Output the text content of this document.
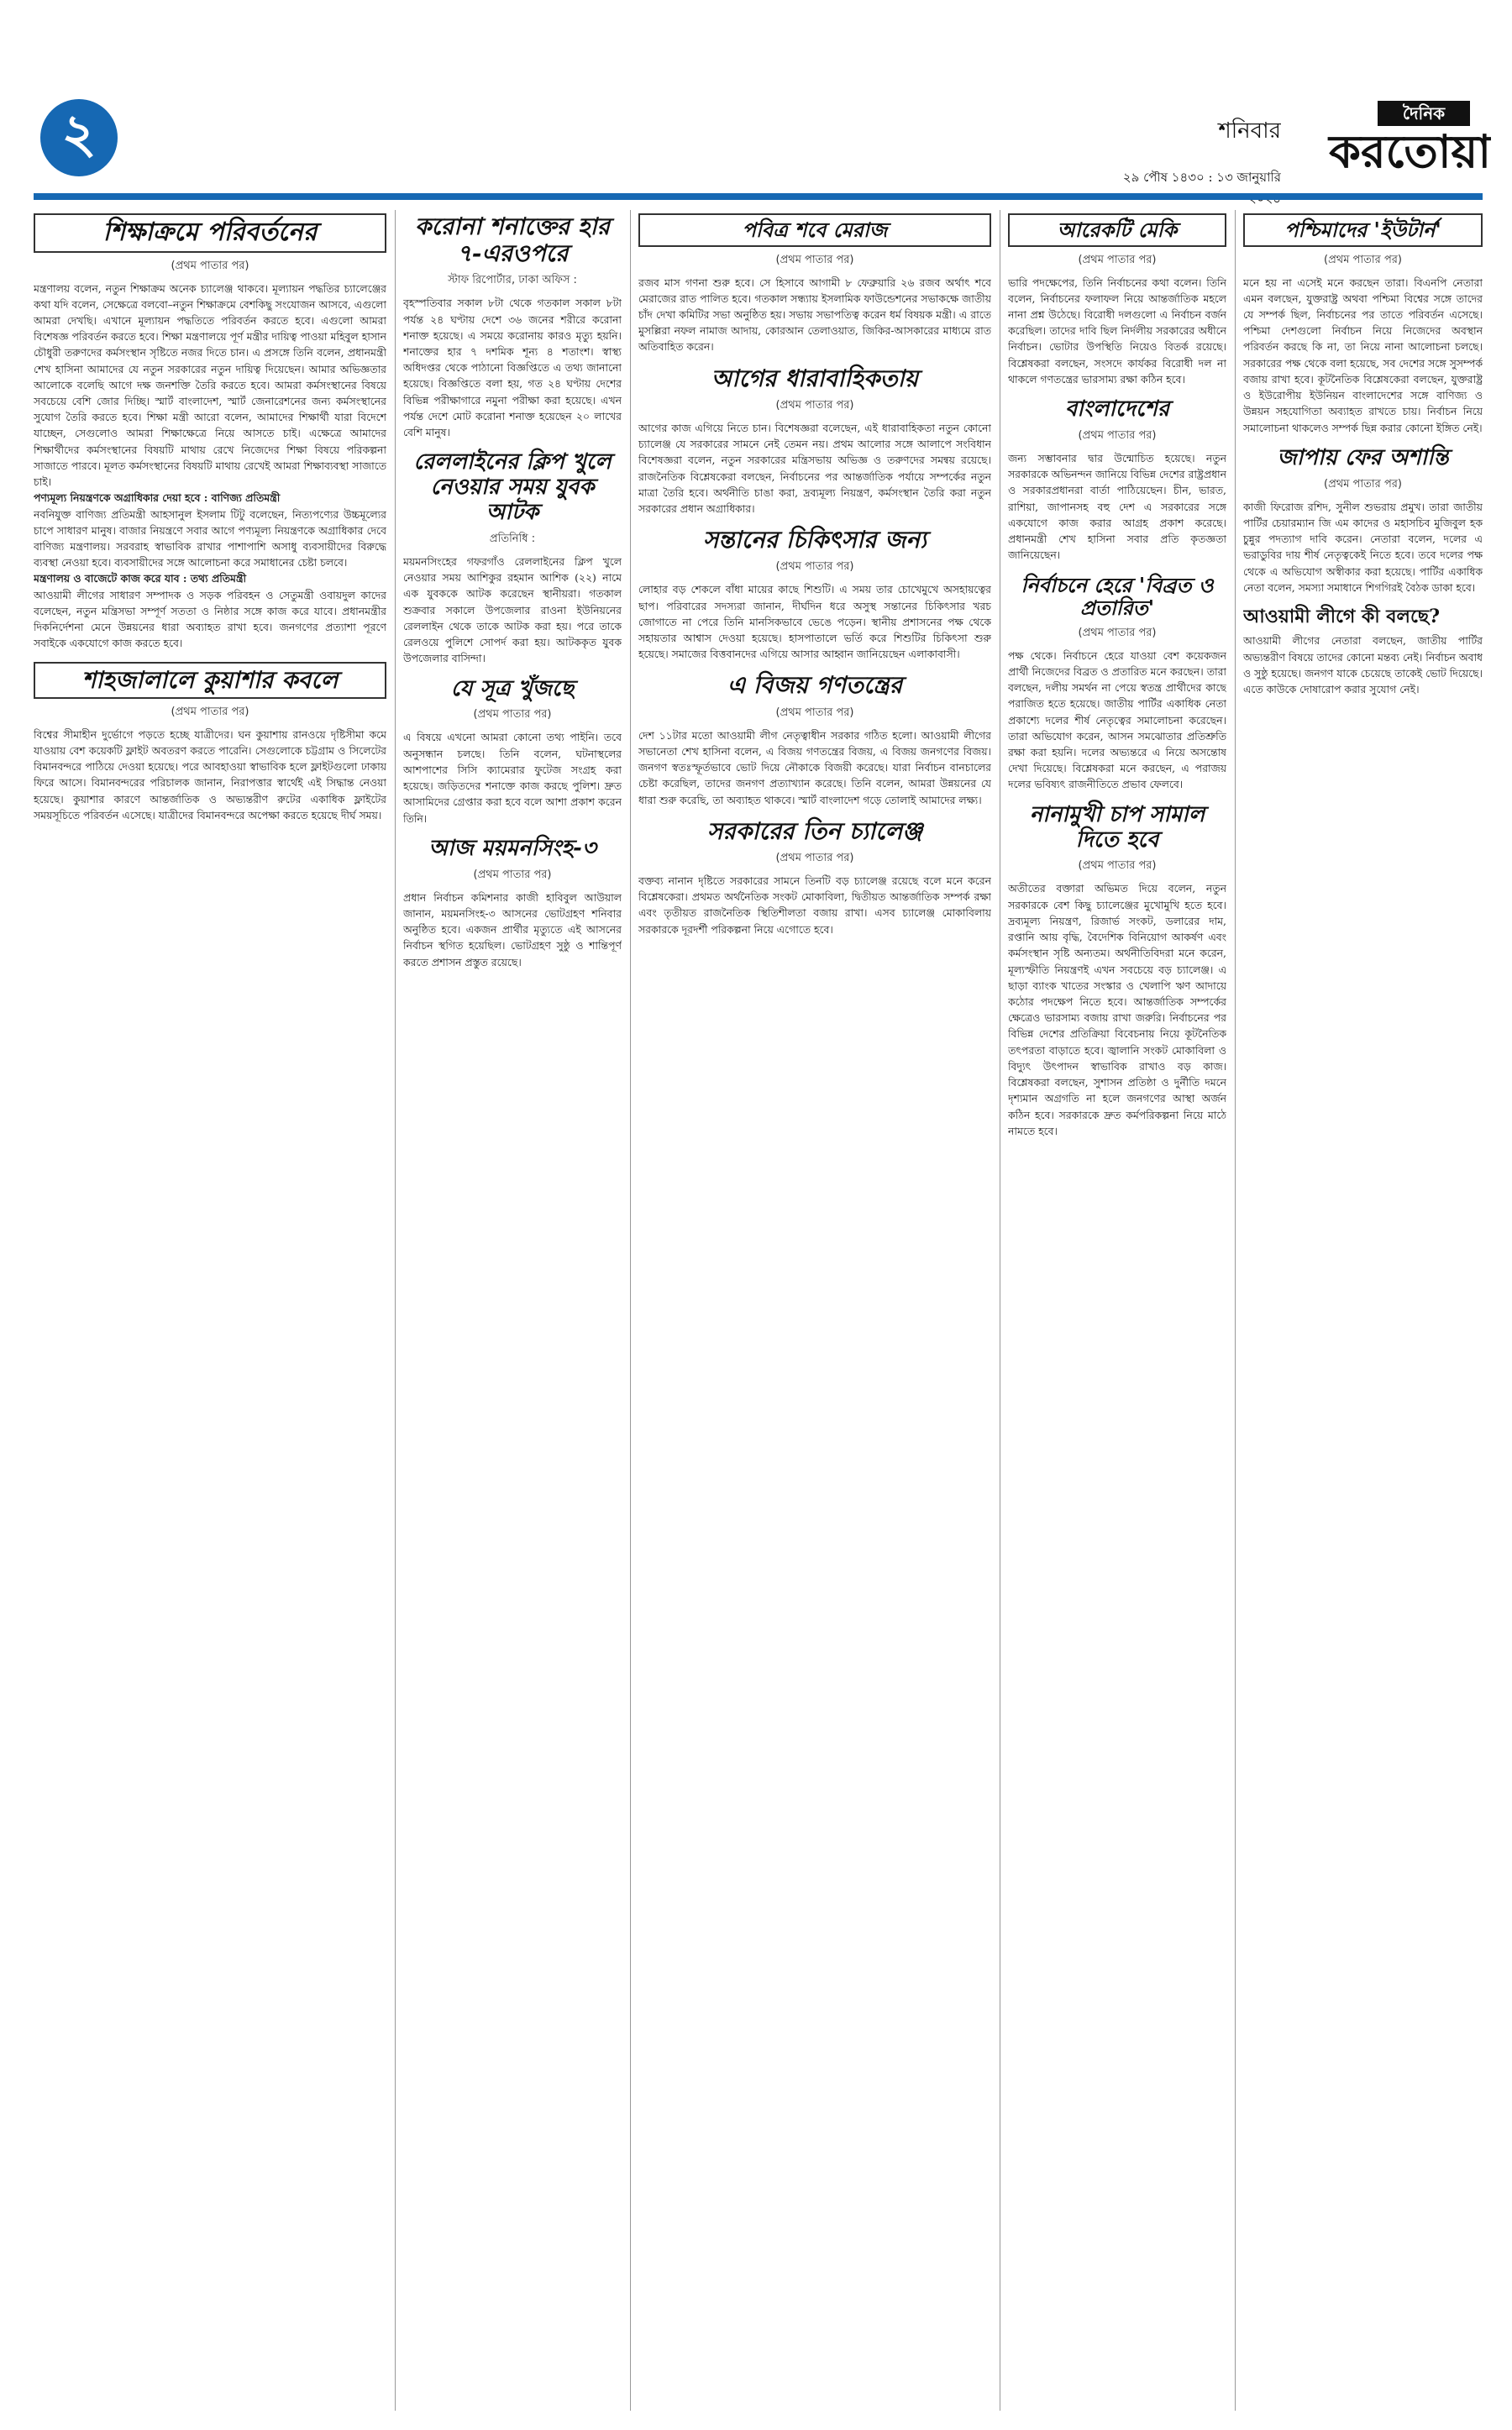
২	শনিবার
২৯ পৌষ ১৪৩০ : ১৩ জানুয়ারি
দৈনিক
করতোয়া
শিক্ষাক্রমে পরিবর্তনের
(প্রথম পাতার পর)
মন্ত্রণালয় বলেন, নতুন শিক্ষাক্রম অনেক চ্যালেঞ্জ থাকবে। মূল্যায়ন পদ্ধতির চ্যালেঞ্জের কথা যদি বলেন, সেক্ষেত্রে বলবো–নতুন শিক্ষাক্রমে বেশকিছু সংযোজন আসবে, এগুলো আমরা দেখছি। এখানে মূল্যায়ন পদ্ধতিতে পরিবর্তন করতে হবে। এগুলো আমরা বিশেষজ্ঞ পরিবর্তন করতে হবে। শিক্ষা মন্ত্রণালয়ে পূর্ণ মন্ত্রীর দায়িত্ব পাওয়া মহিবুল হাসান চৌধুরী তরুণদের কর্মসংস্থান সৃষ্টিতে নজর দিতে চান। এ প্রসঙ্গে তিনি বলেন, প্রধানমন্ত্রী শেখ হাসিনা আমাদের যে নতুন সরকারের নতুন দায়িত্ব দিয়েছেন। আমার অভিজ্ঞতার আলোকে বলেছি আগে দক্ষ জনশক্তি তৈরি করতে হবে। আমরা কর্মসংস্থানের বিষয়ে সবচেয়ে বেশি জোর দিচ্ছি। স্মার্ট বাংলাদেশ, স্মার্ট জেনারেশনের জন্য কর্মসংস্থানের সুযোগ তৈরি করতে হবে। শিক্ষা মন্ত্রী আরো বলেন, আমাদের শিক্ষার্থী যারা বিদেশে যাচ্ছেন, সেগুলোও আমরা শিক্ষাক্ষেত্রে নিয়ে আসতে চাই। এক্ষেত্রে আমাদের শিক্ষার্থীদের কর্মসংস্থানের বিষয়টি মাথায় রেখে নিজেদের শিক্ষা বিষয়ে পরিকল্পনা সাজাতে পারবে। মূলত কর্মসংস্থানের বিষয়টি মাথায় রেখেই আমরা শিক্ষাব্যবস্থা সাজাতে চাই।
পণ্যমূল্য নিয়ন্ত্রণকে অগ্রাধিকার দেয়া হবে : বাণিজ্য প্রতিমন্ত্রী
নবনিযুক্ত বাণিজ্য প্রতিমন্ত্রী আহসানুল ইসলাম টিটু বলেছেন, নিত্যপণ্যের উচ্চমূল্যের চাপে সাধারণ মানুষ। বাজার নিয়ন্ত্রণে সবার আগে পণ্যমূল্য নিয়ন্ত্রণকে অগ্রাধিকার দেবে বাণিজ্য মন্ত্রণালয়। সরবরাহ স্বাভাবিক রাখার পাশাপাশি অসাধু ব্যবসায়ীদের বিরুদ্ধে ব্যবস্থা নেওয়া হবে। ব্যবসায়ীদের সঙ্গে আলোচনা করে সমাধানের চেষ্টা চলবে।
মন্ত্রণালয় ও বাজেটে কাজ করে যাব : তথ্য প্রতিমন্ত্রী
আওয়ামী লীগের সাধারণ সম্পাদক ও সড়ক পরিবহন ও সেতুমন্ত্রী ওবায়দুল কাদের বলেছেন, নতুন মন্ত্রিসভা সম্পূর্ণ সততা ও নিষ্ঠার সঙ্গে কাজ করে যাবে। প্রধানমন্ত্রীর দিকনির্দেশনা মেনে উন্নয়নের ধারা অব্যাহত রাখা হবে। জনগণের প্রত্যাশা পূরণে সবাইকে একযোগে কাজ করতে হবে।
শাহজালালে কুয়াশার কবলে
(প্রথম পাতার পর)
বিশ্বের সীমাহীন দুর্ভোগে পড়তে হচ্ছে যাত্রীদের। ঘন কুয়াশায় রানওয়ে দৃষ্টিসীমা কমে যাওয়ায় বেশ কয়েকটি ফ্লাইট অবতরণ করতে পারেনি। সেগুলোকে চট্টগ্রাম ও সিলেটের বিমানবন্দরে পাঠিয়ে দেওয়া হয়েছে। পরে আবহাওয়া স্বাভাবিক হলে ফ্লাইটগুলো ঢাকায় ফিরে আসে। বিমানবন্দরের পরিচালক জানান, নিরাপত্তার স্বার্থেই এই সিদ্ধান্ত নেওয়া হয়েছে। কুয়াশার কারণে আন্তর্জাতিক ও অভ্যন্তরীণ রুটের একাধিক ফ্লাইটের সময়সূচিতে পরিবর্তন এসেছে। যাত্রীদের বিমানবন্দরে অপেক্ষা করতে হয়েছে দীর্ঘ সময়।
করোনা শনাক্তের হার ৭-এরওপরে
স্টাফ রিপোর্টার, ঢাকা অফিস :
বৃহস্পতিবার সকাল ৮টা থেকে গতকাল সকাল ৮টা পর্যন্ত ২৪ ঘণ্টায় দেশে ৩৬ জনের শরীরে করোনা শনাক্ত হয়েছে। এ সময়ে করোনায় কারও মৃত্যু হয়নি। শনাক্তের হার ৭ দশমিক শূন্য ৪ শতাংশ। স্বাস্থ্য অধিদপ্তর থেকে পাঠানো বিজ্ঞপ্তিতে এ তথ্য জানানো হয়েছে। বিজ্ঞপ্তিতে বলা হয়, গত ২৪ ঘণ্টায় দেশের বিভিন্ন পরীক্ষাগারে নমুনা পরীক্ষা করা হয়েছে। এখন পর্যন্ত দেশে মোট করোনা শনাক্ত হয়েছেন ২০ লাখের বেশি মানুষ।
রেললাইনের ক্লিপ খুলে নেওয়ার সময় যুবক আটক
প্রতিনিধি :
ময়মনসিংহের গফরগাঁও রেললাইনের ক্লিপ খুলে নেওয়ার সময় আশিকুর রহমান আশিক (২২) নামে এক যুবককে আটক করেছেন স্থানীয়রা। গতকাল শুক্রবার সকালে উপজেলার রাওনা ইউনিয়নের রেললাইন থেকে তাকে আটক করা হয়। পরে তাকে রেলওয়ে পুলিশে সোপর্দ করা হয়। আটককৃত যুবক উপজেলার বাসিন্দা।
যে সূত্র খুঁজছে
(প্রথম পাতার পর)
এ বিষয়ে এখনো আমরা কোনো তথ্য পাইনি। তবে অনুসন্ধান চলছে। তিনি বলেন, ঘটনাস্থলের আশপাশের সিসি ক্যামেরার ফুটেজ সংগ্রহ করা হয়েছে। জড়িতদের শনাক্তে কাজ করছে পুলিশ। দ্রুত আসামিদের গ্রেপ্তার করা হবে বলে আশা প্রকাশ করেন তিনি।
আজ ময়মনসিংহ-৩
(প্রথম পাতার পর)
প্রধান নির্বাচন কমিশনার কাজী হাবিবুল আউয়াল জানান, ময়মনসিংহ-৩ আসনের ভোটগ্রহণ শনিবার অনুষ্ঠিত হবে। একজন প্রার্থীর মৃত্যুতে এই আসনের নির্বাচন স্থগিত হয়েছিল। ভোটগ্রহণ সুষ্ঠু ও শান্তিপূর্ণ করতে প্রশাসন প্রস্তুত রয়েছে।
পবিত্র শবে মেরাজ
(প্রথম পাতার পর)
রজব মাস গণনা শুরু হবে। সে হিসাবে আগামী ৮ ফেব্রুয়ারি ২৬ রজব অর্থাৎ শবে মেরাজের রাত পালিত হবে। গতকাল সন্ধ্যায় ইসলামিক ফাউন্ডেশনের সভাকক্ষে জাতীয় চাঁদ দেখা কমিটির সভা অনুষ্ঠিত হয়। সভায় সভাপতিত্ব করেন ধর্ম বিষয়ক মন্ত্রী। এ রাতে মুসল্লিরা নফল নামাজ আদায়, কোরআন তেলাওয়াত, জিকির-আসকারের মাধ্যমে রাত অতিবাহিত করেন।
আগের ধারাবাহিকতায়
(প্রথম পাতার পর)
আগের কাজ এগিয়ে নিতে চান। বিশেষজ্ঞরা বলেছেন, এই ধারাবাহিকতা নতুন কোনো চ্যালেঞ্জ যে সরকারের সামনে নেই তেমন নয়। প্রথম আলোর সঙ্গে আলাপে সংবিধান বিশেষজ্ঞরা বলেন, নতুন সরকারের মন্ত্রিসভায় অভিজ্ঞ ও তরুণদের সমন্বয় রয়েছে। রাজনৈতিক বিশ্লেষকেরা বলছেন, নির্বাচনের পর আন্তর্জাতিক পর্যায়ে সম্পর্কের নতুন মাত্রা তৈরি হবে। অর্থনীতি চাঙা করা, দ্রব্যমূল্য নিয়ন্ত্রণ, কর্মসংস্থান তৈরি করা নতুন সরকারের প্রধান অগ্রাধিকার।
সন্তানের চিকিৎসার জন্য
(প্রথম পাতার পর)
লোহার বড় শেকলে বাঁধা মায়ের কাছে শিশুটি। এ সময় তার চোখেমুখে অসহায়ত্বের ছাপ। পরিবারের সদস্যরা জানান, দীর্ঘদিন ধরে অসুস্থ সন্তানের চিকিৎসার খরচ জোগাতে না পেরে তিনি মানসিকভাবে ভেঙে পড়েন। স্থানীয় প্রশাসনের পক্ষ থেকে সহায়তার আশ্বাস দেওয়া হয়েছে। হাসপাতালে ভর্তি করে শিশুটির চিকিৎসা শুরু হয়েছে। সমাজের বিত্তবানদের এগিয়ে আসার আহ্বান জানিয়েছেন এলাকাবাসী।
এ বিজয় গণতন্ত্রের
(প্রথম পাতার পর)
দেশ ১১টার মতো আওয়ামী লীগ নেতৃত্বাধীন সরকার গঠিত হলো। আওয়ামী লীগের সভানেতা শেখ হাসিনা বলেন, এ বিজয় গণতন্ত্রের বিজয়, এ বিজয় জনগণের বিজয়। জনগণ স্বতঃস্ফূর্তভাবে ভোট দিয়ে নৌকাকে বিজয়ী করেছে। যারা নির্বাচন বানচালের চেষ্টা করেছিল, তাদের জনগণ প্রত্যাখ্যান করেছে। তিনি বলেন, আমরা উন্নয়নের যে ধারা শুরু করেছি, তা অব্যাহত থাকবে। স্মার্ট বাংলাদেশ গড়ে তোলাই আমাদের লক্ষ্য।
সরকারের তিন চ্যালেঞ্জ
(প্রথম পাতার পর)
বক্তব্য নানান দৃষ্টিতে সরকারের সামনে তিনটি বড় চ্যালেঞ্জ রয়েছে বলে মনে করেন বিশ্লেষকেরা। প্রথমত অর্থনৈতিক সংকট মোকাবিলা, দ্বিতীয়ত আন্তর্জাতিক সম্পর্ক রক্ষা এবং তৃতীয়ত রাজনৈতিক স্থিতিশীলতা বজায় রাখা। এসব চ্যালেঞ্জ মোকাবিলায় সরকারকে দূরদর্শী পরিকল্পনা নিয়ে এগোতে হবে।
আরেকটি মেকি
(প্রথম পাতার পর)
ভারি পদক্ষেপের, তিনি নির্বাচনের কথা বলেন। তিনি বলেন, নির্বাচনের ফলাফল নিয়ে আন্তর্জাতিক মহলে নানা প্রশ্ন উঠেছে। বিরোধী দলগুলো এ নির্বাচন বর্জন করেছিল। তাদের দাবি ছিল নির্দলীয় সরকারের অধীনে নির্বাচন। ভোটার উপস্থিতি নিয়েও বিতর্ক রয়েছে। বিশ্লেষকরা বলছেন, সংসদে কার্যকর বিরোধী দল না থাকলে গণতন্ত্রের ভারসাম্য রক্ষা কঠিন হবে।
বাংলাদেশের
(প্রথম পাতার পর)
জন্য সম্ভাবনার দ্বার উন্মোচিত হয়েছে। নতুন সরকারকে অভিনন্দন জানিয়ে বিভিন্ন দেশের রাষ্ট্রপ্রধান ও সরকারপ্রধানরা বার্তা পাঠিয়েছেন। চীন, ভারত, রাশিয়া, জাপানসহ বহু দেশ এ সরকারের সঙ্গে একযোগে কাজ করার আগ্রহ প্রকাশ করেছে। প্রধানমন্ত্রী শেখ হাসিনা সবার প্রতি কৃতজ্ঞতা জানিয়েছেন।
নির্বাচনে হেরে 'বিব্রত ও প্রতারিত'
(প্রথম পাতার পর)
পক্ষ থেকে। নির্বাচনে হেরে যাওয়া বেশ কয়েকজন প্রার্থী নিজেদের বিব্রত ও প্রতারিত মনে করছেন। তারা বলছেন, দলীয় সমর্থন না পেয়ে স্বতন্ত্র প্রার্থীদের কাছে পরাজিত হতে হয়েছে। জাতীয় পার্টির একাধিক নেতা প্রকাশ্যে দলের শীর্ষ নেতৃত্বের সমালোচনা করেছেন। তারা অভিযোগ করেন, আসন সমঝোতার প্রতিশ্রুতি রক্ষা করা হয়নি। দলের অভ্যন্তরে এ নিয়ে অসন্তোষ দেখা দিয়েছে। বিশ্লেষকরা মনে করছেন, এ পরাজয় দলের ভবিষ্যৎ রাজনীতিতে প্রভাব ফেলবে।
নানামুখী চাপ সামাল দিতে হবে
(প্রথম পাতার পর)
অতীতের বক্তারা অভিমত দিয়ে বলেন, নতুন সরকারকে বেশ কিছু চ্যালেঞ্জের মুখোমুখি হতে হবে। দ্রব্যমূল্য নিয়ন্ত্রণ, রিজার্ভ সংকট, ডলারের দাম, রপ্তানি আয় বৃদ্ধি, বৈদেশিক বিনিয়োগ আকর্ষণ এবং কর্মসংস্থান সৃষ্টি অন্যতম। অর্থনীতিবিদরা মনে করেন, মূল্যস্ফীতি নিয়ন্ত্রণই এখন সবচেয়ে বড় চ্যালেঞ্জ। এ ছাড়া ব্যাংক খাতের সংস্কার ও খেলাপি ঋণ আদায়ে কঠোর পদক্ষেপ নিতে হবে। আন্তর্জাতিক সম্পর্কের ক্ষেত্রেও ভারসাম্য বজায় রাখা জরুরি। নির্বাচনের পর বিভিন্ন দেশের প্রতিক্রিয়া বিবেচনায় নিয়ে কূটনৈতিক তৎপরতা বাড়াতে হবে। জ্বালানি সংকট মোকাবিলা ও বিদ্যুৎ উৎপাদন স্বাভাবিক রাখাও বড় কাজ। বিশ্লেষকরা বলছেন, সুশাসন প্রতিষ্ঠা ও দুর্নীতি দমনে দৃশ্যমান অগ্রগতি না হলে জনগণের আস্থা অর্জন কঠিন হবে। সরকারকে দ্রুত কর্মপরিকল্পনা নিয়ে মাঠে নামতে হবে।
পশ্চিমাদের 'ইউটার্ন'
(প্রথম পাতার পর)
মনে হয় না এসেই মনে করছেন তারা। বিএনপি নেতারা এমন বলছেন, যুক্তরাষ্ট্র অথবা পশ্চিমা বিশ্বের সঙ্গে তাদের যে সম্পর্ক ছিল, নির্বাচনের পর তাতে পরিবর্তন এসেছে। পশ্চিমা দেশগুলো নির্বাচন নিয়ে নিজেদের অবস্থান পরিবর্তন করছে কি না, তা নিয়ে নানা আলোচনা চলছে। সরকারের পক্ষ থেকে বলা হয়েছে, সব দেশের সঙ্গে সুসম্পর্ক বজায় রাখা হবে। কূটনৈতিক বিশ্লেষকেরা বলছেন, যুক্তরাষ্ট্র ও ইউরোপীয় ইউনিয়ন বাংলাদেশের সঙ্গে বাণিজ্য ও উন্নয়ন সহযোগিতা অব্যাহত রাখতে চায়। নির্বাচন নিয়ে সমালোচনা থাকলেও সম্পর্ক ছিন্ন করার কোনো ইঙ্গিত নেই।
জাপায় ফের অশান্তি
(প্রথম পাতার পর)
কাজী ফিরোজ রশিদ, সুনীল শুভরায় প্রমুখ। তারা জাতীয় পার্টির চেয়ারম্যান জি এম কাদের ও মহাসচিব মুজিবুল হক চুন্নুর পদত্যাগ দাবি করেন। নেতারা বলেন, দলের এ ভরাডুবির দায় শীর্ষ নেতৃত্বকেই নিতে হবে। তবে দলের পক্ষ থেকে এ অভিযোগ অস্বীকার করা হয়েছে। পার্টির একাধিক নেতা বলেন, সমস্যা সমাধানে শিগগিরই বৈঠক ডাকা হবে।
আওয়ামী লীগে কী বলছে?
আওয়ামী লীগের নেতারা বলছেন, জাতীয় পার্টির অভ্যন্তরীণ বিষয়ে তাদের কোনো মন্তব্য নেই। নির্বাচন অবাধ ও সুষ্ঠু হয়েছে। জনগণ যাকে চেয়েছে তাকেই ভোট দিয়েছে। এতে কাউকে দোষারোপ করার সুযোগ নেই।
